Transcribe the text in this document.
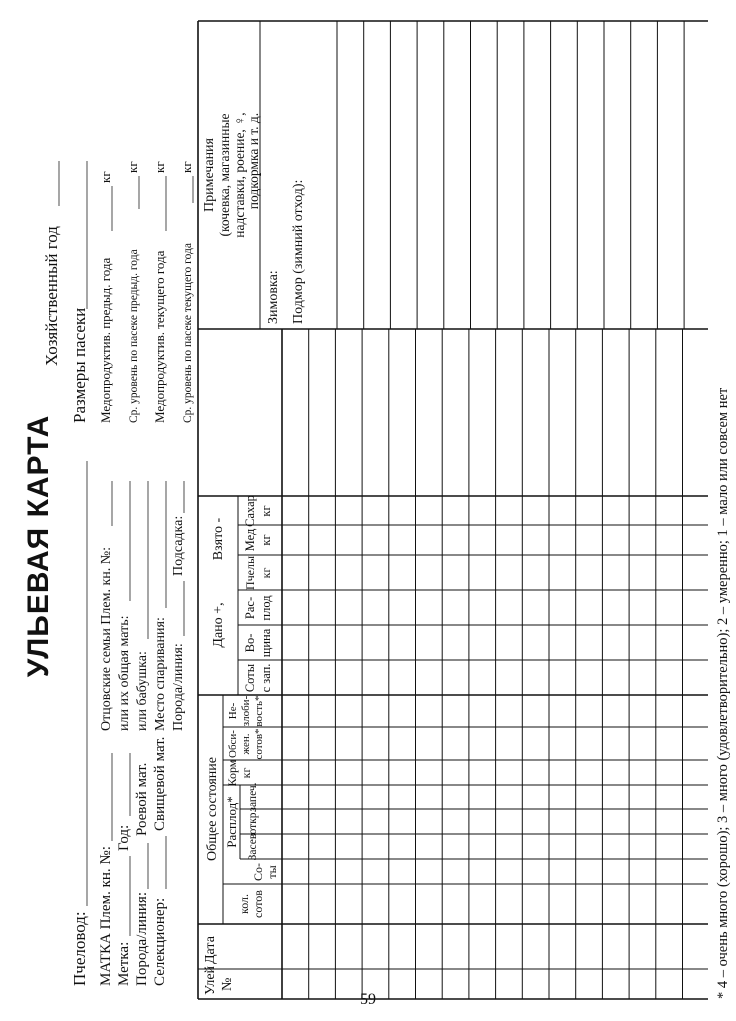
УЛЬЕВАЯ КАРТА
Пчеловод:
Хозяйственный год Размеры пасеки
МАТКА Плем. кн. №: Метка:
Год:
Порода/линия:
Роевой мат.
Селекционер:
Свищевой мат.
Отцовские семьи Плем. кн. №: или их общая мать: или бабушка: Место спаривания: Порода/линия:
Подсадка:
Медопродуктив. предыд. года
кг
Ср. уровень по пасеке предыд. года
кг
Медопродуктив. текущего года
кг
Ср. уровень по пасеке текущего года
кг
Улей №
Дата
Общее состояние
кол. сотов
Со- ты
Расплод* Засев
откр.
запеч.
Корм кг
Обси- жен. сотов*
Не- злоби- вость*
Дано +,
Взято -
Соты с зап.
Во- щина
Рас- плод
Пчелы кг
Мед кг
Сахар кг
Примечания (кочевка, магазинные надставки, роение, ♀, подкормка и т. д.
Зимовка: Подмор (зимний отход):
* 4 – очень много (хорошо); 3 – много (удовлетворительно); 2 – умеренно; 1 – мало или совсем нет
59
